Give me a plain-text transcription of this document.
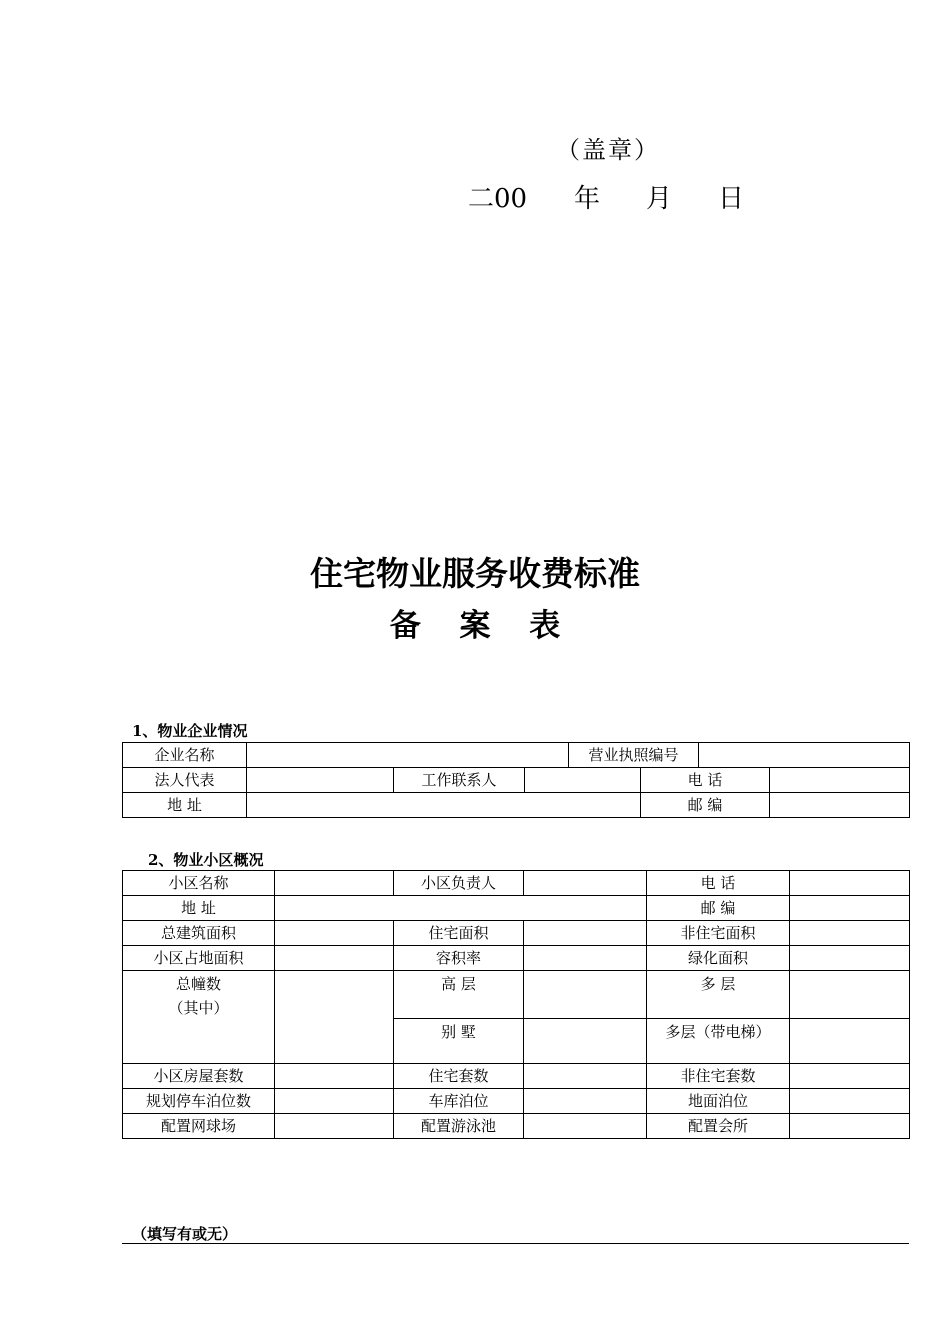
（盖章）
二00	年	月	日
住宅物业服务收费标准
备 案 表
1、物业企业情况
企业名称				营业执照编号			
法人代表		工作联系人			电 话		
地 址					邮 编		
2、物业小区概况
小区名称		小区负责人		电 话	
地 址				邮 编	
总建筑面积		住宅面积		非住宅面积	
小区占地面积		容积率		绿化面积	

总幢数
（其中）		高 层		多 层	
		别 墅		多层（带电梯）	
小区房屋套数		住宅套数		非住宅套数	
规划停车泊位数		车库泊位		地面泊位	
配置网球场		配置游泳池		配置会所	
（填写有或无）
